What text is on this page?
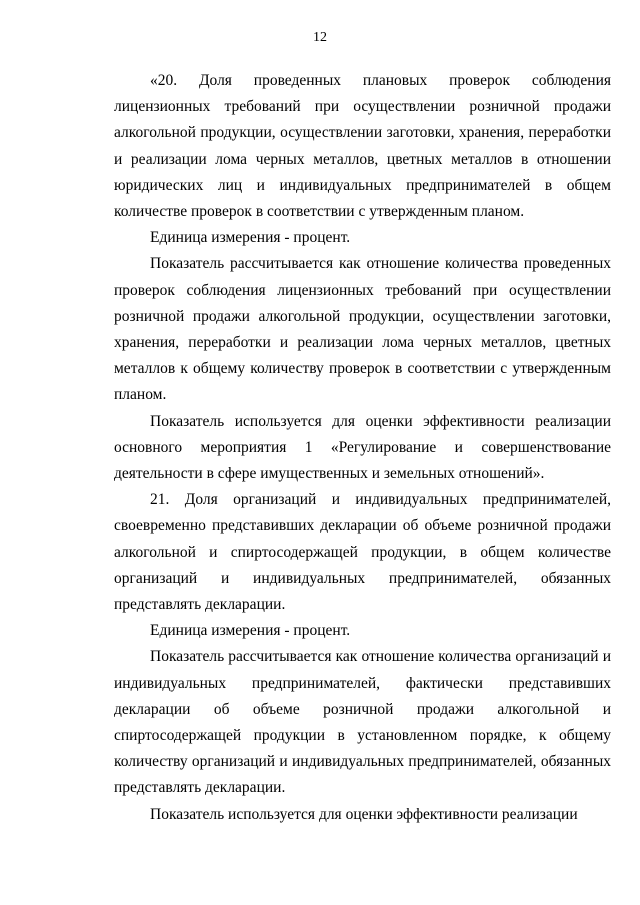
12

«20. Доля проведенных плановых проверок соблюдения лицензионных требований при осуществлении розничной продажи алкогольной продукции, осуществлении заготовки, хранения, переработки и реализации лома черных металлов, цветных металлов в отношении юридических лиц и индивидуальных предпринимателей в общем количестве проверок в соответствии с утвержденным планом.

Единица измерения - процент.

Показатель рассчитывается как отношение количества проведенных проверок соблюдения лицензионных требований при осуществлении розничной продажи алкогольной продукции, осуществлении заготовки, хранения, переработки и реализации лома черных металлов, цветных металлов к общему количеству проверок в соответствии с утвержденным планом.

Показатель используется для оценки эффективности реализации основного мероприятия 1 «Регулирование и совершенствование деятельности в сфере имущественных и земельных отношений».

21. Доля организаций и индивидуальных предпринимателей, своевременно представивших декларации об объеме розничной продажи алкогольной и спиртосодержащей продукции, в общем количестве организаций и индивидуальных предпринимателей, обязанных представлять декларации.

Единица измерения - процент.

Показатель рассчитывается как отношение количества организаций и индивидуальных предпринимателей, фактически представивших декларации об объеме розничной продажи алкогольной и спиртосодержащей продукции в установленном порядке, к общему количеству организаций и индивидуальных предпринимателей, обязанных представлять декларации.

Показатель используется для оценки эффективности реализации
